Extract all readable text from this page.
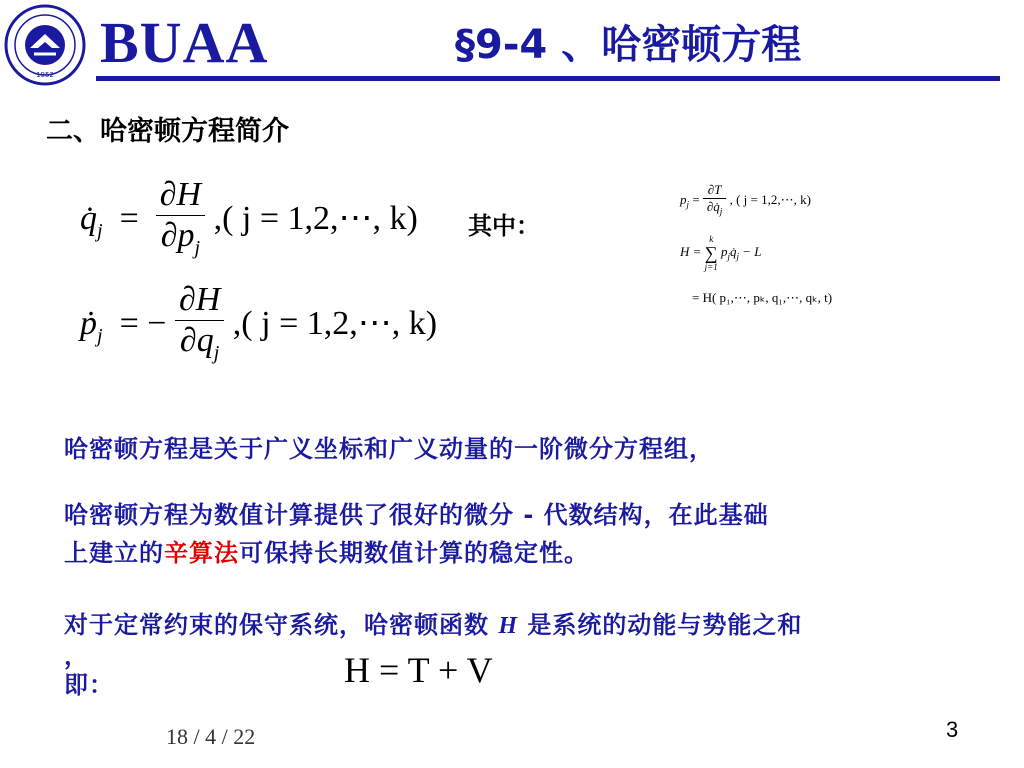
1952 BUAA	§9-4 、哈密顿方程
二、哈密顿方程简介
$q̇_j = \frac{\partial H}{\partial p_j}$ ,( j = 1,2,⋯, k)
ṗ$_j$  = − $\frac{\partial H}{\partial q_j}$ ,( j = 1,2,⋯, k)
其中：
$p_j = \frac{\partial T}{\partial q̇_j}$ , ( j = 1,2,⋯, k)
H =
k
∑
j=1
$p_jq̇_j - L$
= H( p₁,⋯, pₖ, q₁,⋯, qₖ, t)
哈密顿方程是关于广义坐标和广义动量的一阶微分方程组，
哈密顿方程为数值计算提供了很好的微分 - 代数结构，在此基础
上建立的辛算法可保持长期数值计算的稳定性。
对于定常约束的保守系统，哈密顿函数 H 是系统的动能与势能之和
，
即：	H = T + V
18 / 4 / 22	3
